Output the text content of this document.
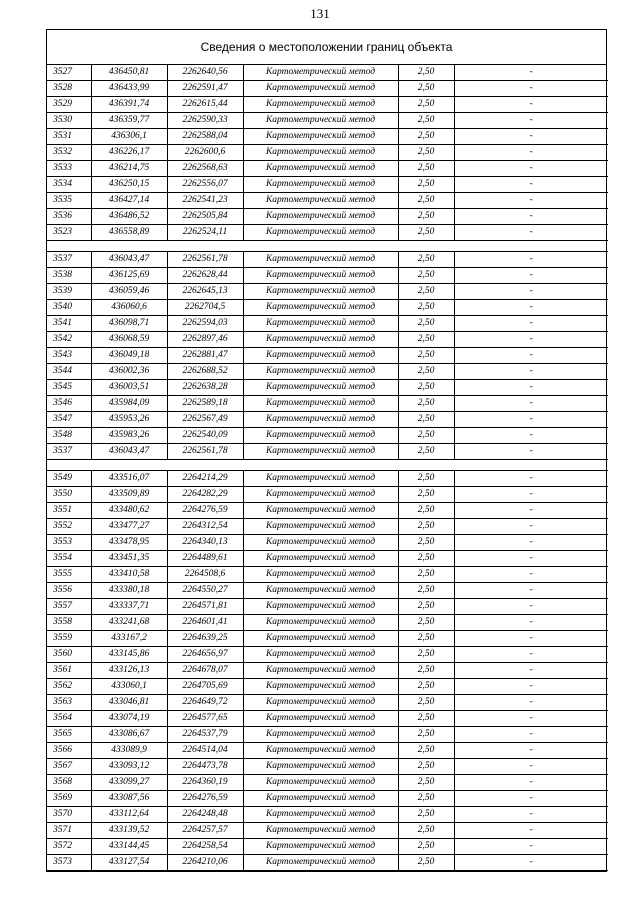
131
Сведения о местоположении границ объекта
3527	436450,81	2262640,56	Картометрический метод	2,50	-
3528	436433,99	2262591,47	Картометрический метод	2,50	-
3529	436391,74	2262615,44	Картометрический метод	2,50	-
3530	436359,77	2262590,33	Картометрический метод	2,50	-
3531	436306,1	2262588,04	Картометрический метод	2,50	-
3532	436226,17	2262600,6	Картометрический метод	2,50	-
3533	436214,75	2262568,63	Картометрический метод	2,50	-
3534	436250,15	2262556,07	Картометрический метод	2,50	-
3535	436427,14	2262541,23	Картометрический метод	2,50	-
3536	436486,52	2262505,84	Картометрический метод	2,50	-
3523	436558,89	2262524,11	Картометрический метод	2,50	-

3537	436043,47	2262561,78	Картометрический метод	2,50	-
3538	436125,69	2262628,44	Картометрический метод	2,50	-
3539	436059,46	2262645,13	Картометрический метод	2,50	-
3540	436060,6	2262704,5	Картометрический метод	2,50	-
3541	436098,71	2262594,03	Картометрический метод	2,50	-
3542	436068,59	2262897,46	Картометрический метод	2,50	-
3543	436049,18	2262881,47	Картометрический метод	2,50	-
3544	436002,36	2262688,52	Картометрический метод	2,50	-
3545	436003,51	2262638,28	Картометрический метод	2,50	-
3546	435984,09	2262589,18	Картометрический метод	2,50	-
3547	435953,26	2262567,49	Картометрический метод	2,50	-
3548	435983,26	2262540,09	Картометрический метод	2,50	-
3537	436043,47	2262561,78	Картометрический метод	2,50	-

3549	433516,07	2264214,29	Картометрический метод	2,50	-
3550	433509,89	2264282,29	Картометрический метод	2,50	-
3551	433480,62	2264276,59	Картометрический метод	2,50	-
3552	433477,27	2264312,54	Картометрический метод	2,50	-
3553	433478,95	2264340,13	Картометрический метод	2,50	-
3554	433451,35	2264489,61	Картометрический метод	2,50	-
3555	433410,58	2264508,6	Картометрический метод	2,50	-
3556	433380,18	2264550,27	Картометрический метод	2,50	-
3557	433337,71	2264571,81	Картометрический метод	2,50	-
3558	433241,68	2264601,41	Картометрический метод	2,50	-
3559	433167,2	2264639,25	Картометрический метод	2,50	-
3560	433145,86	2264656,97	Картометрический метод	2,50	-
3561	433126,13	2264678,07	Картометрический метод	2,50	-
3562	433060,1	2264705,69	Картометрический метод	2,50	-
3563	433046,81	2264649,72	Картометрический метод	2,50	-
3564	433074,19	2264577,65	Картометрический метод	2,50	-
3565	433086,67	2264537,79	Картометрический метод	2,50	-
3566	433089,9	2264514,04	Картометрический метод	2,50	-
3567	433093,12	2264473,78	Картометрический метод	2,50	-
3568	433099,27	2264360,19	Картометрический метод	2,50	-
3569	433087,56	2264276,59	Картометрический метод	2,50	-
3570	433112,64	2264248,48	Картометрический метод	2,50	-
3571	433139,52	2264257,57	Картометрический метод	2,50	-
3572	433144,45	2264258,54	Картометрический метод	2,50	-
3573	433127,54	2264210,06	Картометрический метод	2,50	-
